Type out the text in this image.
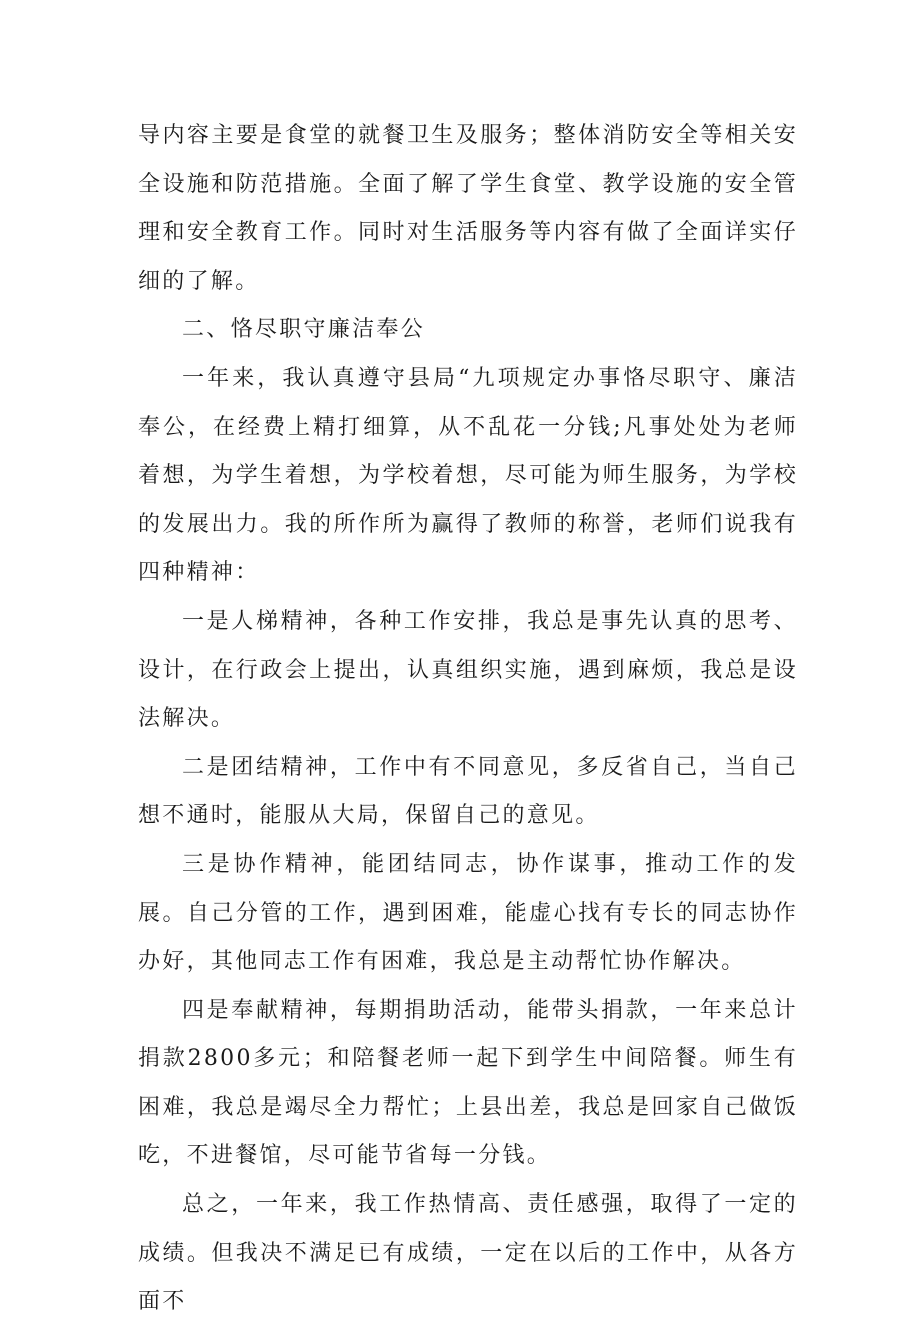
导内容主要是食堂的就餐卫生及服务；整体消防安全等相关安全设施和防范措施。全面了解了学生食堂、教学设施的安全管理和安全教育工作。同时对生活服务等内容有做了全面详实仔细的了解。

二、恪尽职守廉洁奉公

一年来，我认真遵守县局“九项规定办事恪尽职守、廉洁奉公，在经费上精打细算，从不乱花一分钱;凡事处处为老师着想，为学生着想，为学校着想，尽可能为师生服务，为学校的发展出力。我的所作所为赢得了教师的称誉，老师们说我有四种精神：

一是人梯精神，各种工作安排，我总是事先认真的思考、设计，在行政会上提出，认真组织实施，遇到麻烦，我总是设法解决。

二是团结精神，工作中有不同意见，多反省自己，当自己想不通时，能服从大局，保留自己的意见。

三是协作精神，能团结同志，协作谋事，推动工作的发展。自己分管的工作，遇到困难，能虚心找有专长的同志协作办好，其他同志工作有困难，我总是主动帮忙协作解决。

四是奉献精神，每期捐助活动，能带头捐款，一年来总计捐款2800多元；和陪餐老师一起下到学生中间陪餐。师生有困难，我总是竭尽全力帮忙；上县出差，我总是回家自己做饭吃，不进餐馆，尽可能节省每一分钱。

总之，一年来，我工作热情高、责任感强，取得了一定的成绩。但我决不满足已有成绩，一定在以后的工作中，从各方面不
